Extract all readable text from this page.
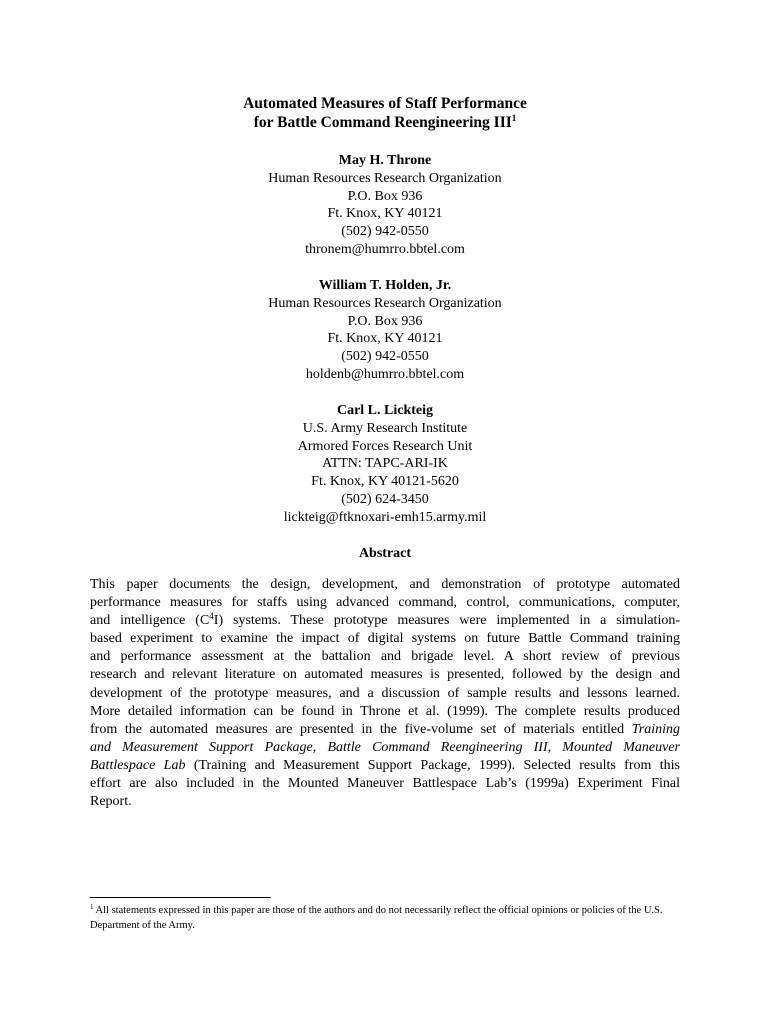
Automated Measures of Staff Performance
for Battle Command Reengineering III$^1$
May H. Throne
Human Resources Research Organization
P.O. Box 936
Ft. Knox, KY 40121
(502) 942-0550
thronem@humrro.bbtel.com
William T. Holden, Jr.
Human Resources Research Organization
P.O. Box 936
Ft. Knox, KY 40121
(502) 942-0550
holdenb@humrro.bbtel.com
Carl L. Lickteig
U.S. Army Research Institute
Armored Forces Research Unit
ATTN: TAPC-ARI-IK
Ft. Knox, KY 40121-5620
(502) 624-3450
lickteig@ftknoxari-emh15.army.mil
Abstract
This paper documents the design, development, and demonstration of prototype automated
performance measures for staffs using advanced command, control, communications, computer,
and intelligence $(C^4I)$ systems. These prototype measures were implemented in a simulation-
based experiment to examine the impact of digital systems on future Battle Command training
and performance assessment at the battalion and brigade level. A short review of previous
research and relevant literature on automated measures is presented, followed by the design and
development of the prototype measures, and a discussion of sample results and lessons learned.
More detailed information can be found in Throne et al. (1999). The complete results produced
from the automated measures are presented in the five-volume set of materials entitled Training
and Measurement Support Package, Battle Command Reengineering III, Mounted Maneuver
Battlespace Lab (Training and Measurement Support Package, 1999). Selected results from this
effort are also included in the Mounted Maneuver Battlespace Lab’s (1999a) Experiment Final
Report.
$^1$ All statements expressed in this paper are those of the authors and do not necessarily reflect the official opinions or policies of the U.S. Department of the Army.
